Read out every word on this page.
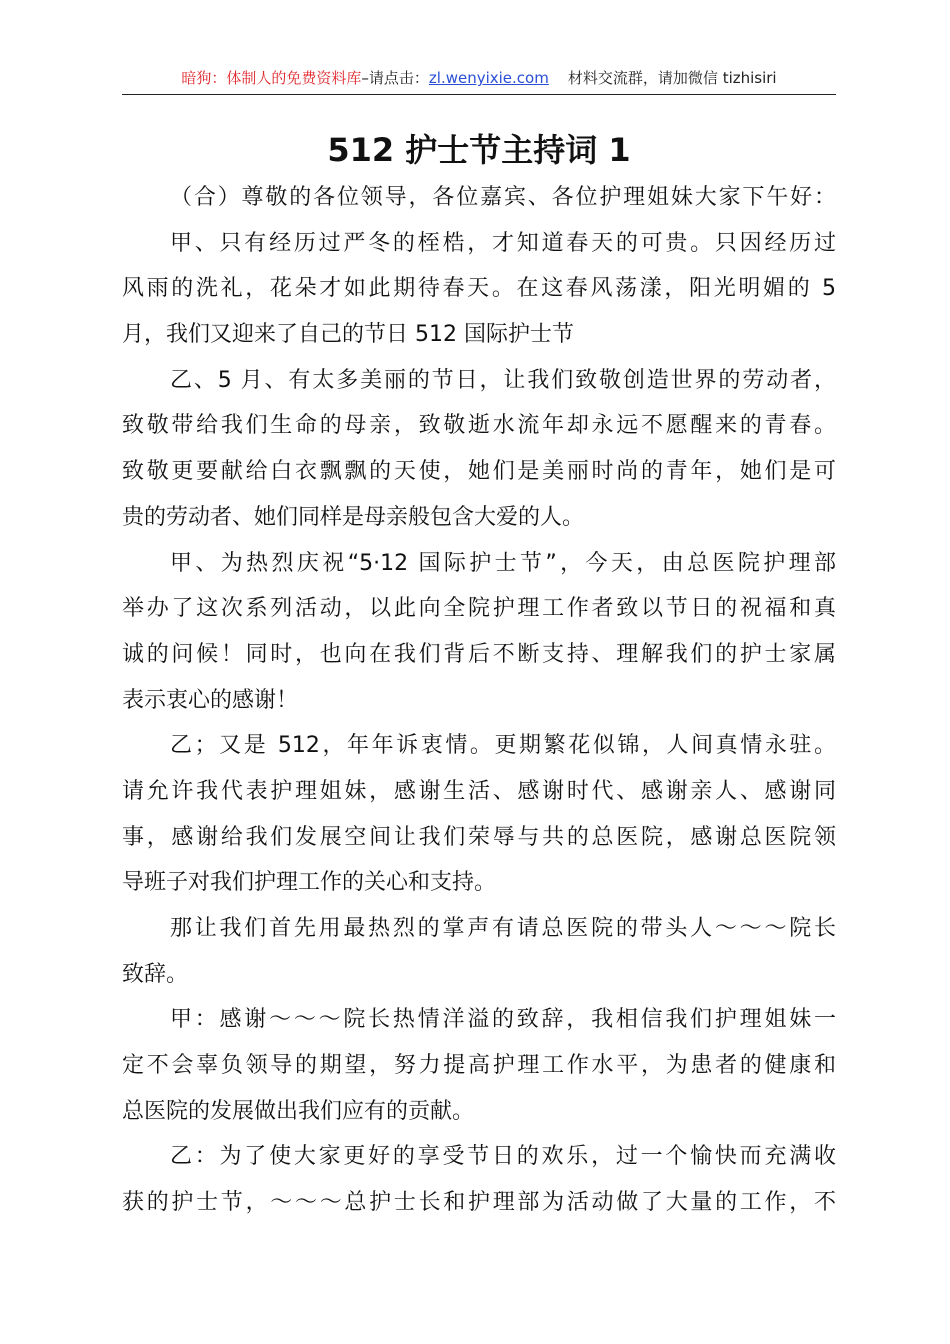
暗狗：体制人的免费资料库–请点击：zl.wenyixie.com 材料交流群，请加微信 tizhisiri
512 护士节主持词 1
（合）尊敬的各位领导，各位嘉宾、各位护理姐妹大家下午好：
甲、只有经历过严冬的桎梏，才知道春天的可贵。只因经历过
风雨的洗礼，花朵才如此期待春天。在这春风荡漾，阳光明媚的 5
月，我们又迎来了自己的节日 512 国际护士节
乙、5 月、有太多美丽的节日，让我们致敬创造世界的劳动者，
致敬带给我们生命的母亲，致敬逝水流年却永远不愿醒来的青春。
致敬更要献给白衣飘飘的天使，她们是美丽时尚的青年，她们是可
贵的劳动者、她们同样是母亲般包含大爱的人。
甲、为热烈庆祝“5·12 国际护士节”，今天，由总医院护理部
举办了这次系列活动，以此向全院护理工作者致以节日的祝福和真
诚的问候！同时，也向在我们背后不断支持、理解我们的护士家属
表示衷心的感谢！
乙；又是 512，年年诉衷情。更期繁花似锦，人间真情永驻。
请允许我代表护理姐妹，感谢生活、感谢时代、感谢亲人、感谢同
事，感谢给我们发展空间让我们荣辱与共的总医院，感谢总医院领
导班子对我们护理工作的关心和支持。
那让我们首先用最热烈的掌声有请总医院的带头人～～～院长
致辞。
甲：感谢～～～院长热情洋溢的致辞，我相信我们护理姐妹一
定不会辜负领导的期望，努力提高护理工作水平，为患者的健康和
总医院的发展做出我们应有的贡献。
乙：为了使大家更好的享受节日的欢乐，过一个愉快而充满收
获的护士节，～～～总护士长和护理部为活动做了大量的工作，不
